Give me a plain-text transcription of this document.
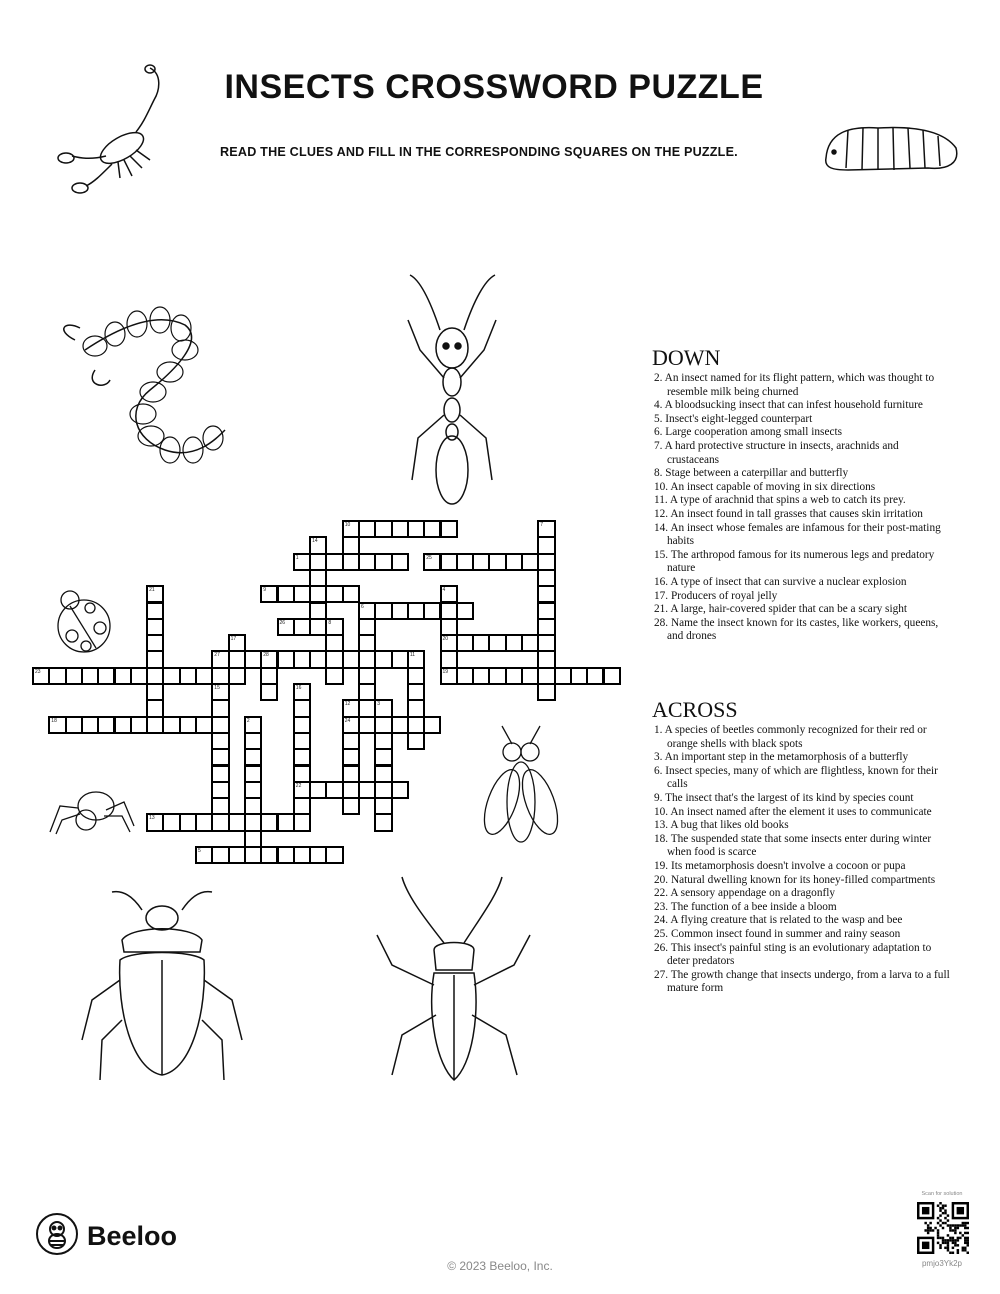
INSECTS CROSSWORD PUZZLE
READ THE CLUES AND FILL IN THE CORRESPONDING SQUARES ON THE PUZZLE.
10	7
14
1	25
9
21	4
20
19
6
26	8
17
27	28	11
23
15	16
22
12
24
3
18	2
13
5
DOWN
2. An insect named for its flight pattern, which was thought to resemble milk being churned
4. A bloodsucking insect that can infest household furniture
5. Insect's eight-legged counterpart
6. Large cooperation among small insects
7. A hard protective structure in insects, arachnids and crustaceans
8. Stage between a caterpillar and butterfly
10. An insect capable of moving in six directions
11. A type of arachnid that spins a web to catch its prey.
12. An insect found in tall grasses that causes skin irritation
14. An insect whose females are infamous for their post-mating habits
15. The arthropod famous for its numerous legs and predatory nature
16. A type of insect that can survive a nuclear explosion
17. Producers of royal jelly
21. A large, hair-covered spider that can be a scary sight
28. Name the insect known for its castes, like workers, queens, and drones
ACROSS
1. A species of beetles commonly recognized for their red or orange shells with black spots
3. An important step in the metamorphosis of a butterfly
6. Insect species, many of which are flightless, known for their calls
9. The insect that's the largest of its kind by species count
10. An insect named after the element it uses to communicate
13. A bug that likes old books
18. The suspended state that some insects enter during winter when food is scarce
19. Its metamorphosis doesn't involve a cocoon or pupa
20. Natural dwelling known for its honey-filled compartments
22. A sensory appendage on a dragonfly
23. The function of a bee inside a bloom
24. A flying creature that is related to the wasp and bee
25. Common insect found in summer and rainy season
26. This insect's painful sting is an evolutionary adaptation to deter predators
27. The growth change that insects undergo, from a larva to a full mature form
Beeloo
© 2023 Beeloo, Inc.
Scan for solution
pmjo3Yk2p
